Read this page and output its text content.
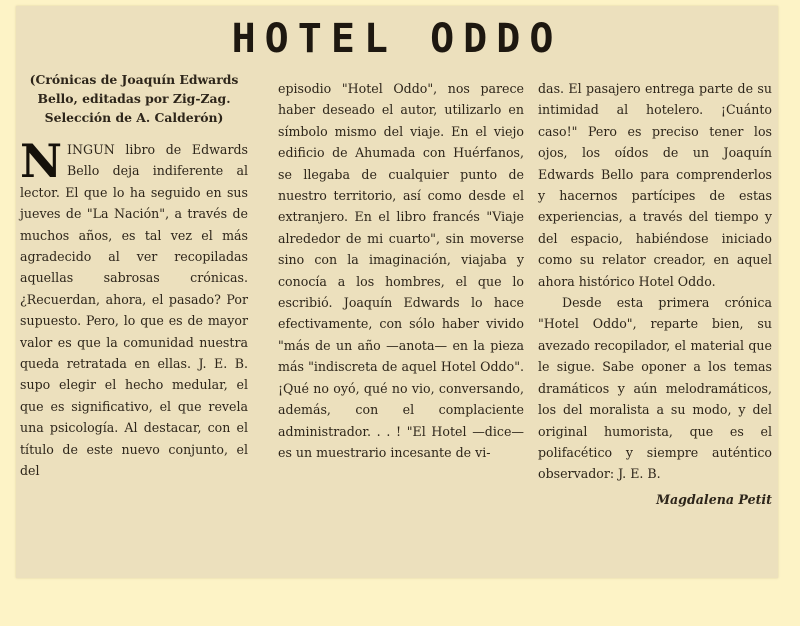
HOTEL ODDO

(Crónicas de Joaquín Edwards Bello, editadas por Zig-Zag. Selección de A. Calderón)

N INGUN libro de Edwards Bello deja indiferente al lector. El que lo ha seguido en sus jueves de "La Nación", a través de muchos años, es tal vez el más agradecido al ver recopiladas aquellas sabrosas crónicas. ¿Recuerdan, ahora, el pasado? Por supuesto. Pero, lo que es de mayor valor es que la comunidad nuestra queda retratada en ellas. J. E. B. supo elegir el hecho medular, el que es significativo, el que revela una psicología. Al destacar, con el título de este nuevo conjunto, el del

episodio "Hotel Oddo", nos parece haber deseado el autor, utilizarlo en símbolo mismo del viaje. En el viejo edificio de Ahumada con Huérfanos, se llegaba de cualquier punto de nuestro territorio, así como desde el extranjero. En el libro francés "Viaje alrededor de mi cuarto", sin moverse sino con la imaginación, viajaba y conocía a los hombres, el que lo escribió. Joaquín Edwards lo hace efectivamente, con sólo haber vivido "más de un año —anota— en la pieza más "indiscreta de aquel Hotel Oddo". ¡Qué no oyó, qué no vio, conversando, además, con el complaciente administrador. . . ! "El Hotel —dice— es un muestrario incesante de vi-

das. El pasajero entrega parte de su intimidad al hotelero. ¡Cuánto caso!" Pero es preciso tener los ojos, los oídos de un Joaquín Edwards Bello para comprenderlos y hacernos partícipes de estas experiencias, a través del tiempo y del espacio, habiéndose iniciado como su relator creador, en aquel ahora histórico Hotel Oddo.

Desde esta primera crónica "Hotel Oddo", reparte bien, su avezado recopilador, el material que le sigue. Sabe oponer a los temas dramáticos y aún melodramáticos, los del moralista a su modo, y del original humorista, que es el polifacético y siempre auténtico observador: J. E. B.

Magdalena Petit
